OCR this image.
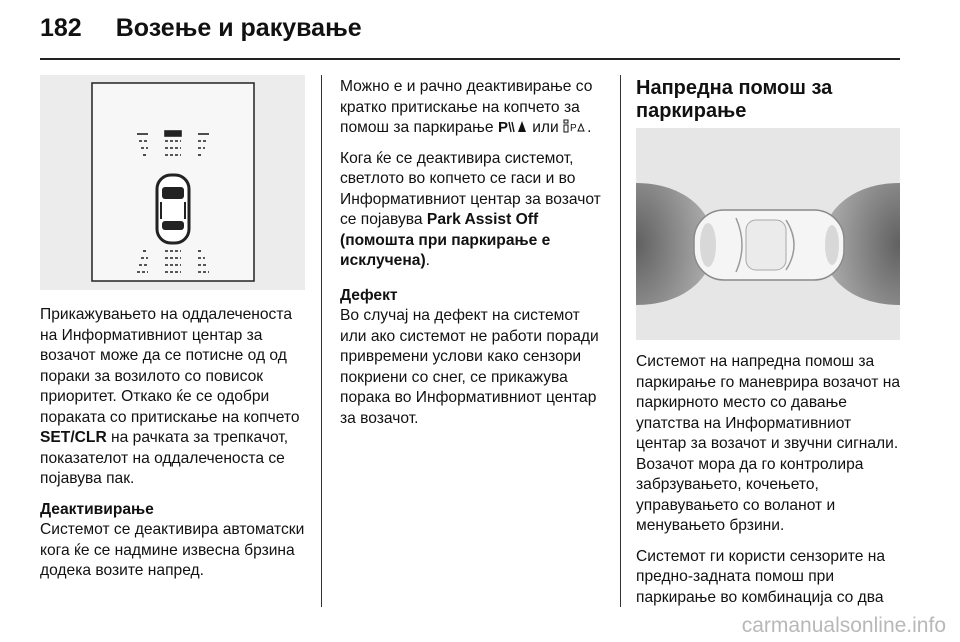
182 Возење и ракување

Прикажувањето на оддалеченоста на Информативниот центар за возачот може да се потисне од од пораки за возилото со повисок приоритет. Откако ќе се одобри пораката со притискање на копчето SET/CLR на рачката за трепкачот, показателот на оддалеченоста се појавува пак.

Деактивирање

Системот се деактивира автоматски кога ќе се надмине извесна брзина додека возите напред.

Можно е и рачно деактивирање со кратко притискање на копчето за помош за паркирање P или P .

Кога ќе се деактивира системот, светлото во копчето се гаси и во Информативниот центар за возачот се појавува Park Assist Off (помошта при паркирање е исклучена).

Дефект

Во случај на дефект на системот или ако системот не работи поради привремени услови како сензори покриени со снег, се прикажува порака во Информативниот центар за возачот.

Напредна помош за паркирање

Системот на напредна помош за паркирање го маневрира возачот на паркирното место со давање упатства на Информативниот центар за возачот и звучни сигнали. Возачот мора да го контролира забрзувањето, кочењето, управувањето со воланот и менувањето брзини.

Системот ги користи сензорите на предно-задната помош при паркирање во комбинација со два

carmanualsonline.info
